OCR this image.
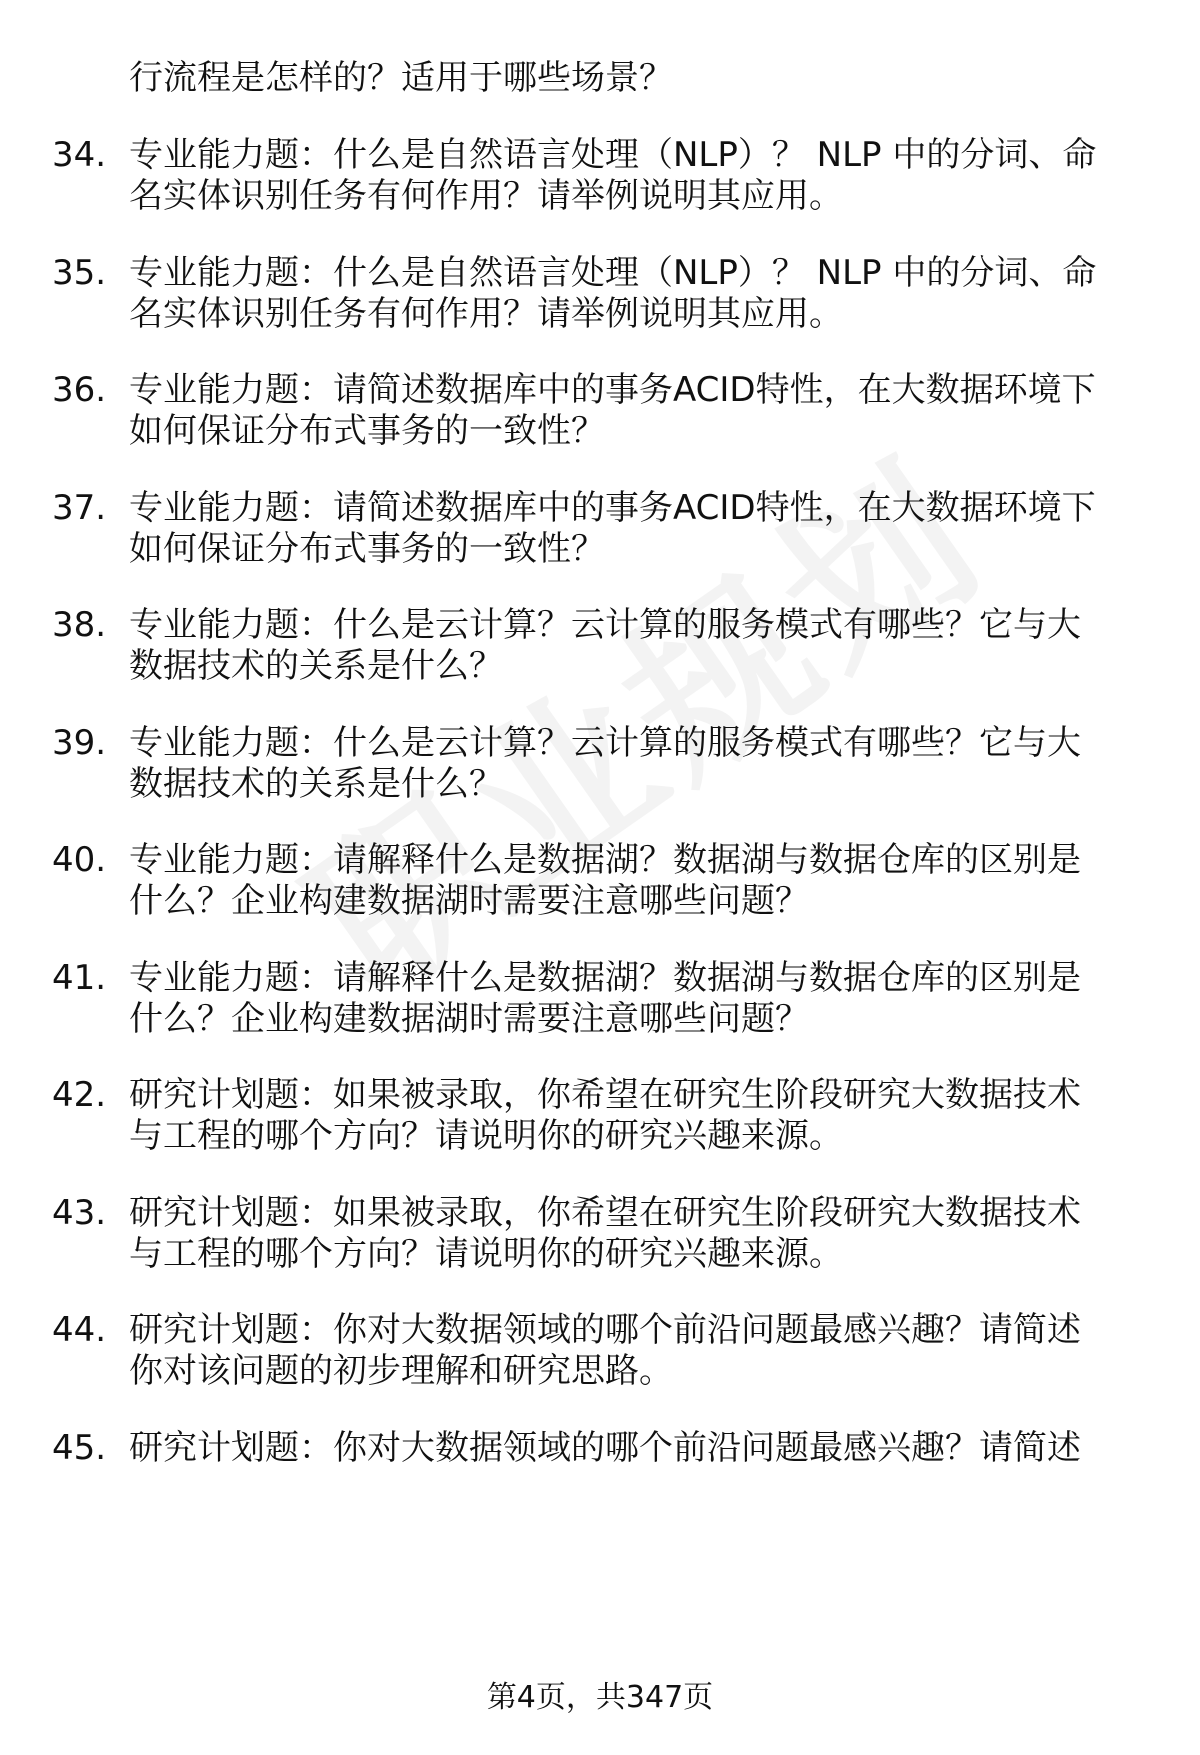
行流程是怎样的？适用于哪些场景？
34. 专业能力题：什么是自然语言处理（NLP）？ NLP 中的分词、命
名实体识别任务有何作用？请举例说明其应用。
35. 专业能力题：什么是自然语言处理（NLP）？ NLP 中的分词、命
名实体识别任务有何作用？请举例说明其应用。
36. 专业能力题：请简述数据库中的事务ACID特性，在大数据环境下
如何保证分布式事务的一致性？
37. 专业能力题：请简述数据库中的事务ACID特性，在大数据环境下
如何保证分布式事务的一致性？
38. 专业能力题：什么是云计算？云计算的服务模式有哪些？它与大
数据技术的关系是什么？
39. 专业能力题：什么是云计算？云计算的服务模式有哪些？它与大
数据技术的关系是什么？
40. 专业能力题：请解释什么是数据湖？数据湖与数据仓库的区别是
什么？企业构建数据湖时需要注意哪些问题？
41. 专业能力题：请解释什么是数据湖？数据湖与数据仓库的区别是
什么？企业构建数据湖时需要注意哪些问题？
42. 研究计划题：如果被录取，你希望在研究生阶段研究大数据技术
与工程的哪个方向？请说明你的研究兴趣来源。
43. 研究计划题：如果被录取，你希望在研究生阶段研究大数据技术
与工程的哪个方向？请说明你的研究兴趣来源。
44. 研究计划题：你对大数据领域的哪个前沿问题最感兴趣？请简述
你对该问题的初步理解和研究思路。
45. 研究计划题：你对大数据领域的哪个前沿问题最感兴趣？请简述
第4页，共347页
